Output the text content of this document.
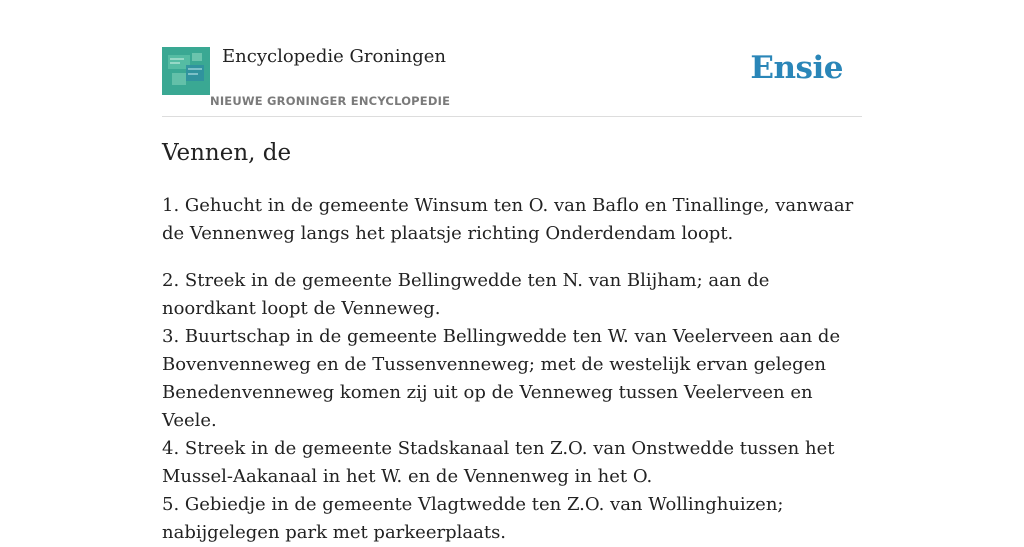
Encyclopedie Groningen
NIEUWE GRONINGER ENCYCLOPEDIE
Ensie
Vennen, de

1. Gehucht in de gemeente Winsum ten O. van Baflo en Tinallinge, vanwaar de Vennenweg langs het plaatsje richting Onderdendam loopt.

2. Streek in de gemeente Bellingwedde ten N. van Blijham; aan de noordkant loopt de Venneweg.

3. Buurtschap in de gemeente Bellingwedde ten W. van Veelerveen aan de Bovenvenneweg en de Tussenvenneweg; met de westelijk ervan gelegen Benedenvenneweg komen zij uit op de Venneweg tussen Veelerveen en Veele.

4. Streek in de gemeente Stadskanaal ten Z.O. van Onstwedde tussen het Mussel-Aakanaal in het W. en de Vennenweg in het O.

5. Gebiedje in de gemeente Vlagtwedde ten Z.O. van Wollinghuizen; nabijgelegen park met parkeerplaats.
